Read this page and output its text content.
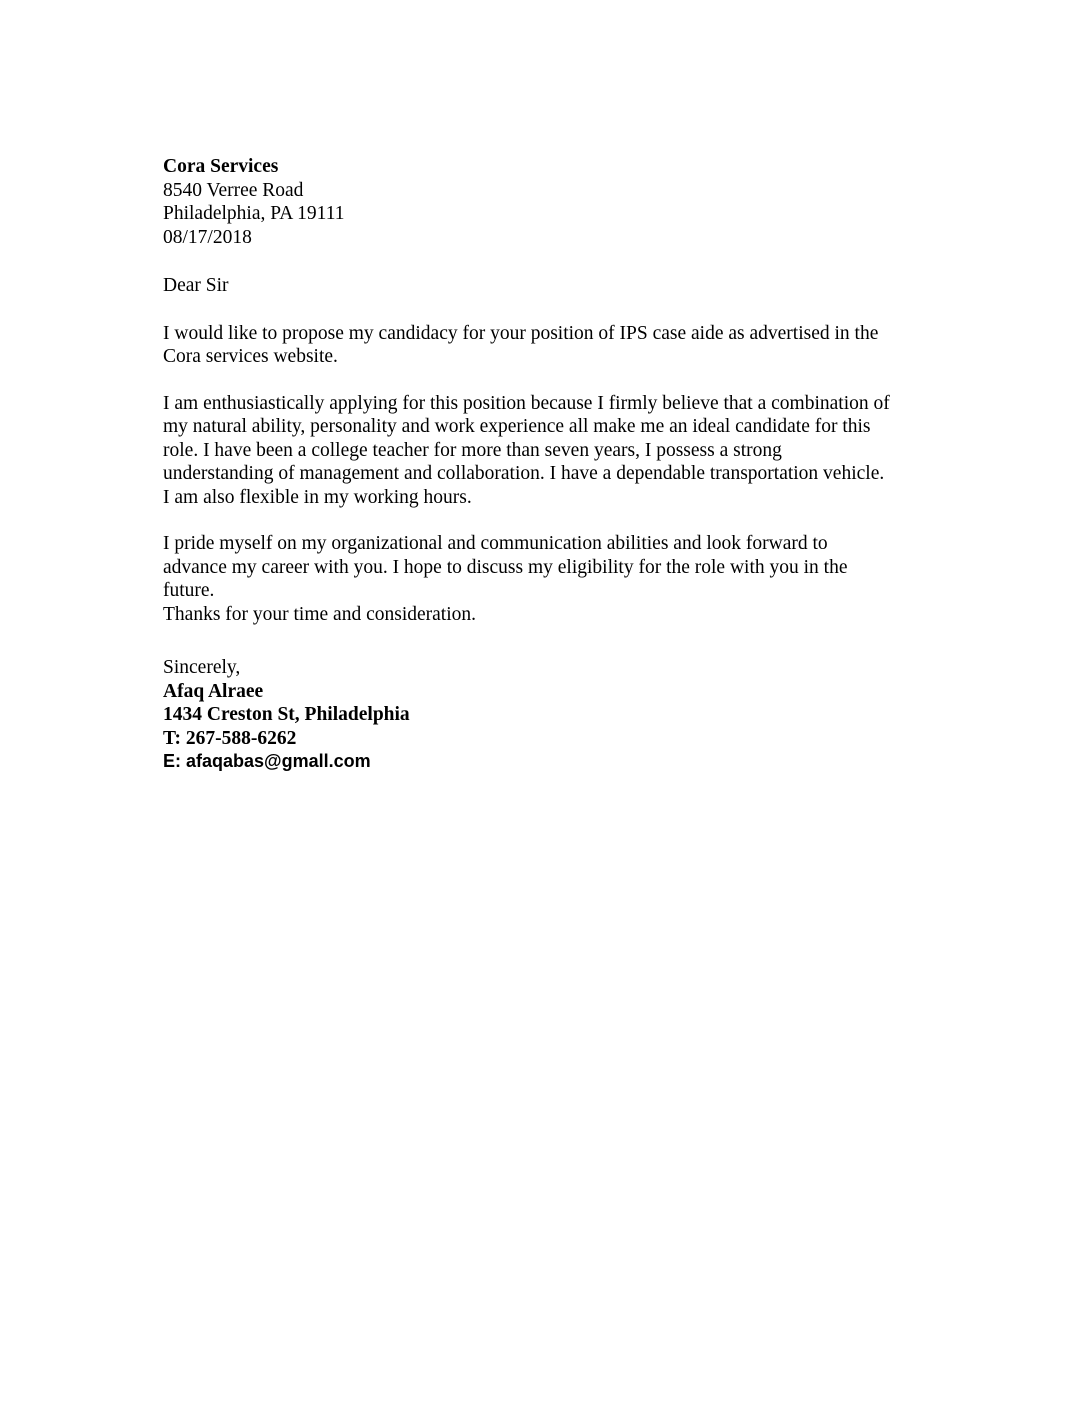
Cora Services
8540 Verree Road
Philadelphia, PA 19111
08/17/2018
Dear Sir
I would like to propose my candidacy for your position of IPS case aide as advertised in the
Cora services website.
I am enthusiastically applying for this position because I firmly believe that a combination of
my natural ability, personality and work experience all make me an ideal candidate for this
role. I have been a college teacher for more than seven years, I possess a strong
understanding of management and collaboration. I have a dependable transportation vehicle.
I am also flexible in my working hours.
I pride myself on my organizational and communication abilities and look forward to
advance my career with you. I hope to discuss my eligibility for the role with you in the
future.
Thanks for your time and consideration.
Sincerely,
Afaq Alraee
1434 Creston St, Philadelphia
T: 267-588-6262
E: afaqabas@gmall.com
